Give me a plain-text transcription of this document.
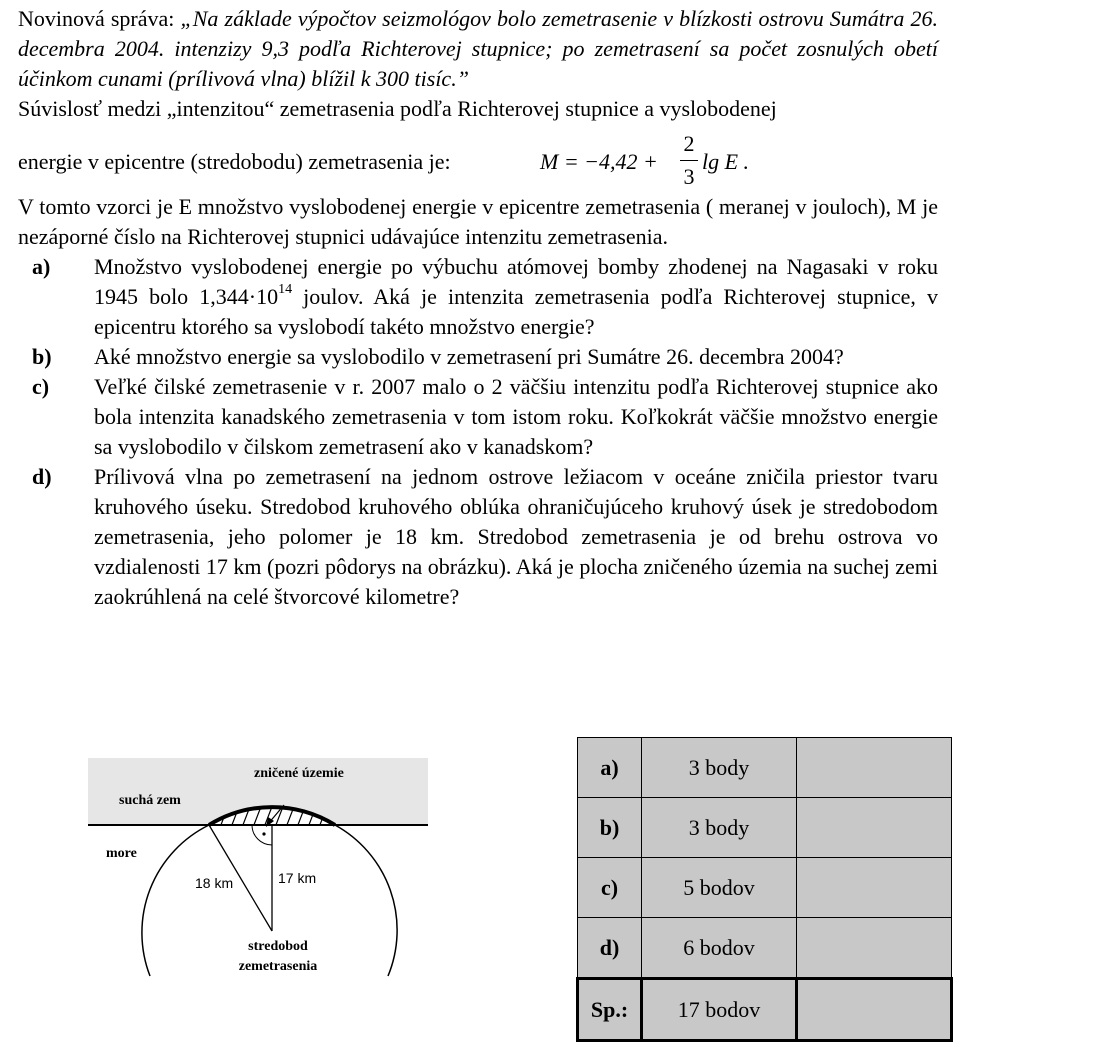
Novinová správa: „Na základe výpočtov seizmológov bolo zemetrasenie v blízkosti ostrovu Sumátra 26. decembra 2004. intenzizy 9,3 podľa Richterovej stupnice; po zemetrasení sa počet zosnulých obetí účinkom cunami (prílivová vlna) blížil k 300 tisíc.”

Súvislosť medzi „intenzitou“ zemetrasenia podľa Richterovej stupnice a vyslobodenej

energie v epicentre (stredobodu) zemetrasenia je:	M = −4,42 +
2
3
lg E .

V tomto vzorci je E množstvo vyslobodenej energie v epicentre zemetrasenia ( meranej v jouloch), M je nezáporné číslo na Richterovej stupnici udávajúce intenzitu zemetrasenia.

a) Množstvo vyslobodenej energie po výbuchu atómovej bomby zhodenej na Nagasaki v roku 1945 bolo $1,344\cdot 10^{14}$ joulov. Aká je intenzita zemetrasenia podľa Richterovej stupnice, v epicentru ktorého sa vyslobodí takéto množstvo energie?
b) Aké množstvo energie sa vyslobodilo v zemetrasení pri Sumátre 26. decembra 2004?
c) Veľké čilské zemetrasenie v r. 2007 malo o 2 väčšiu intenzitu podľa Richterovej stupnice ako bola intenzita kanadského zemetrasenia v tom istom roku. Koľkokrát väčšie množstvo energie sa vyslobodilo v čilskom zemetrasení ako v kanadskom?
d) Prílivová vlna po zemetrasení na jednom ostrove ležiacom v oceáne zničila priestor tvaru kruhového úseku. Stredobod kruhového oblúka ohraničujúceho kruhový úsek je stredobodom zemetrasenia, jeho polomer je 18 km. Stredobod zemetrasenia je od brehu ostrova vo vzdialenosti 17 km (pozri pôdorys na obrázku). Aká je plocha zničeného územia na suchej zemi zaokrúhlená na celé štvorcové kilometre?
zničené územie
suchá zem
more
18 km	17 km
stredobod
zemetrasenia
a)	3 body	
b)	3 body	
c)	5 bodov	
d)	6 bodov	
Sp.:	17 bodov	
